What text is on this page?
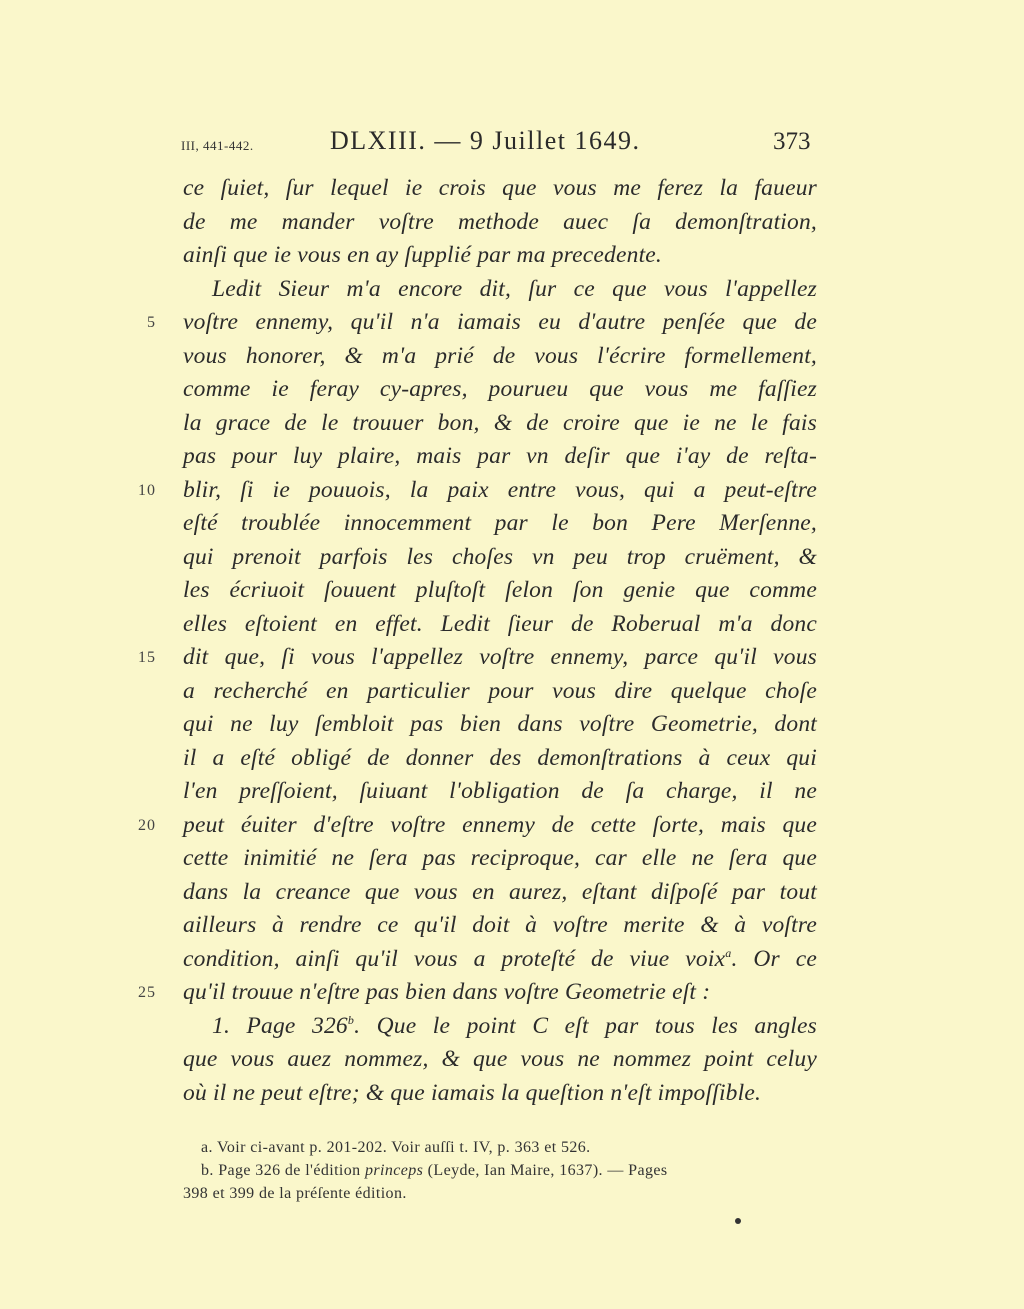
III, 441-442.	DLXIII. — 9 Juillet 1649.	373
ce ſuiet, ſur lequel ie crois que vous me ferez la faueur
de me mander voſtre methode auec ſa demonſtration,
ainſi que ie vous en ay ſupplié par ma precedente.
Ledit Sieur m'a encore dit, ſur ce que vous l'appellez
5 voſtre ennemy, qu'il n'a iamais eu d'autre penſée que de
vous honorer, & m'a prié de vous l'écrire formellement,
comme ie feray cy-apres, pourueu que vous me faſſiez
la grace de le trouuer bon, & de croire que ie ne le fais
pas pour luy plaire, mais par vn deſir que i'ay de reſta-
10 blir, ſi ie pouuois, la paix entre vous, qui a peut-eſtre
eſté troublée innocemment par le bon Pere Merſenne,
qui prenoit parfois les choſes vn peu trop cruëment, &
les écriuoit ſouuent pluſtoſt ſelon ſon genie que comme
elles eſtoient en effet. Ledit ſieur de Roberual m'a donc
15 dit que, ſi vous l'appellez voſtre ennemy, parce qu'il vous
a recherché en particulier pour vous dire quelque choſe
qui ne luy ſembloit pas bien dans voſtre Geometrie, dont
il a eſté obligé de donner des demonſtrations à ceux qui
l'en preſſoient, ſuiuant l'obligation de ſa charge, il ne
20 peut éuiter d'eſtre voſtre ennemy de cette ſorte, mais que
cette inimitié ne ſera pas reciproque, car elle ne ſera que
dans la creance que vous en aurez, eſtant diſpoſé par tout
ailleurs à rendre ce qu'il doit à voſtre merite & à voſtre
condition, ainſi qu'il vous a proteſté de viue voix$^a$. Or ce
25 qu'il trouue n'eſtre pas bien dans voſtre Geometrie eſt :
1. Page 326$^b$. Que le point C eſt par tous les angles
que vous auez nommez, & que vous ne nommez point celuy
où il ne peut eſtre; & que iamais la queſtion n'eſt impoſſible.
a. Voir ci-avant p. 201-202. Voir auſſi t. IV, p. 363 et 526.
b. Page 326 de l'édition princeps (Leyde, Ian Maire, 1637). — Pages
398 et 399 de la préſente édition.
